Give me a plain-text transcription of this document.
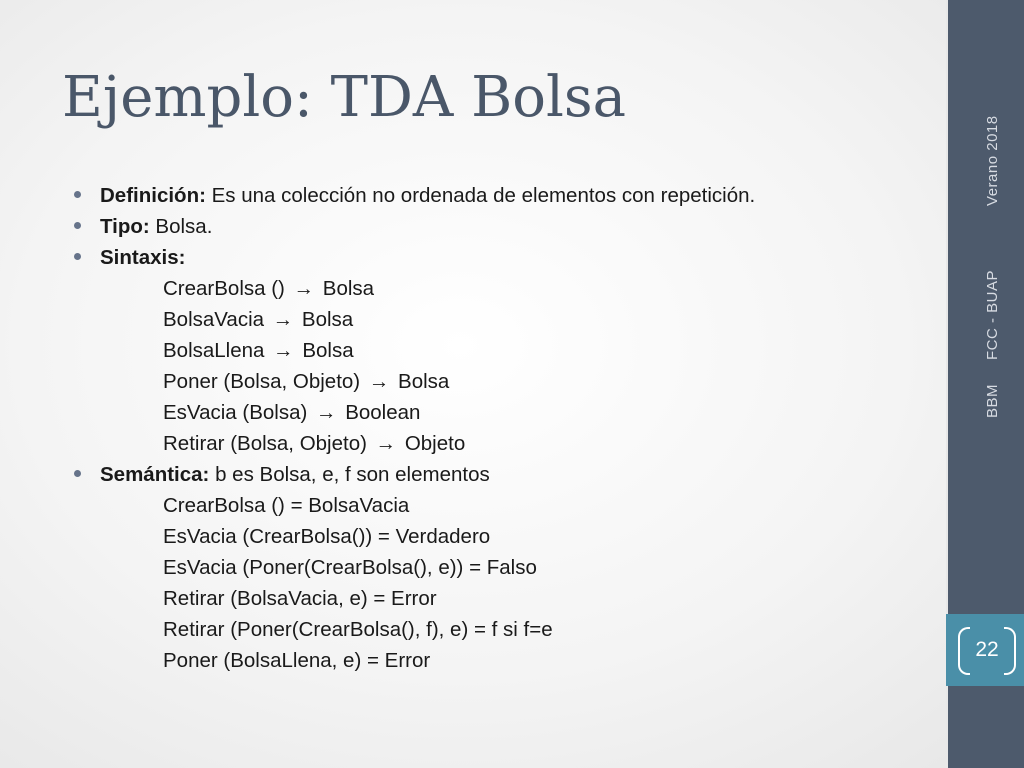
Ejemplo: TDA Bolsa
Definición: Es una colección no ordenada de elementos con repetición.
Tipo: Bolsa.
Sintaxis:
CrearBolsa () → Bolsa
BolsaVacia → Bolsa
BolsaLlena → Bolsa
Poner (Bolsa, Objeto) → Bolsa
EsVacia (Bolsa) → Boolean
Retirar (Bolsa, Objeto) → Objeto
Semántica: b es Bolsa, e, f son elementos
CrearBolsa () = BolsaVacia
EsVacia (CrearBolsa()) = Verdadero
EsVacia (Poner(CrearBolsa(), e)) = Falso
Retirar (BolsaVacia, e) = Error
Retirar (Poner(CrearBolsa(), f), e) = f si f=e
Poner (BolsaLlena, e) = Error
BBMFCC - BUAPVerano 2018
22
